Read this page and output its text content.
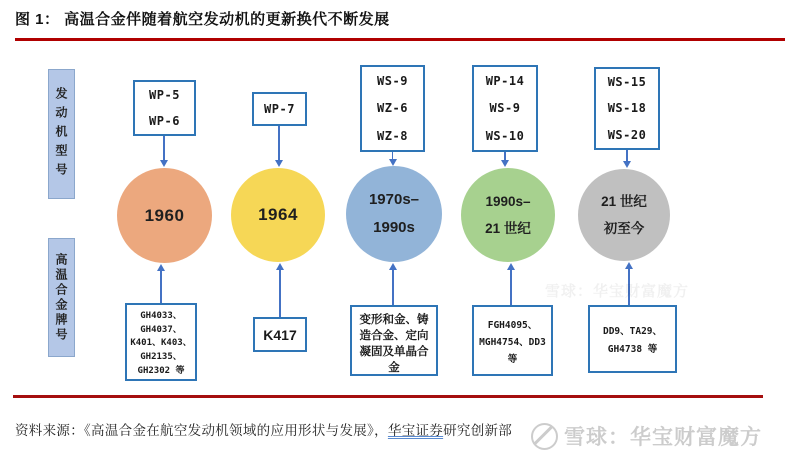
图 1： 高温合金伴随着航空发动机的更新换代不断发展
发动机型号
高温合金牌号
WP-5
WP-6
WP-7
WS-9
WZ-6
WZ-8
WP-14
WS-9
WS-10
WS-15
WS-18
WS-20
1960	1964
1970s–
1990s
1990s–
21 世纪
21 世纪
初至今
GH4033、
GH4037、
K401、K403、
GH2135、
GH2302 等
K417
变形和金、铸
造合金、定向
凝固及单晶合
金
FGH4095、
MGH4754、DD3
等
DD9、TA29、
GH4738 等
资料来源：《高温合金在航空发动机领域的应用形状与发展》，华宝证券研究创新部
雪球：华宝财富魔方
雪球：华宝财富魔方
